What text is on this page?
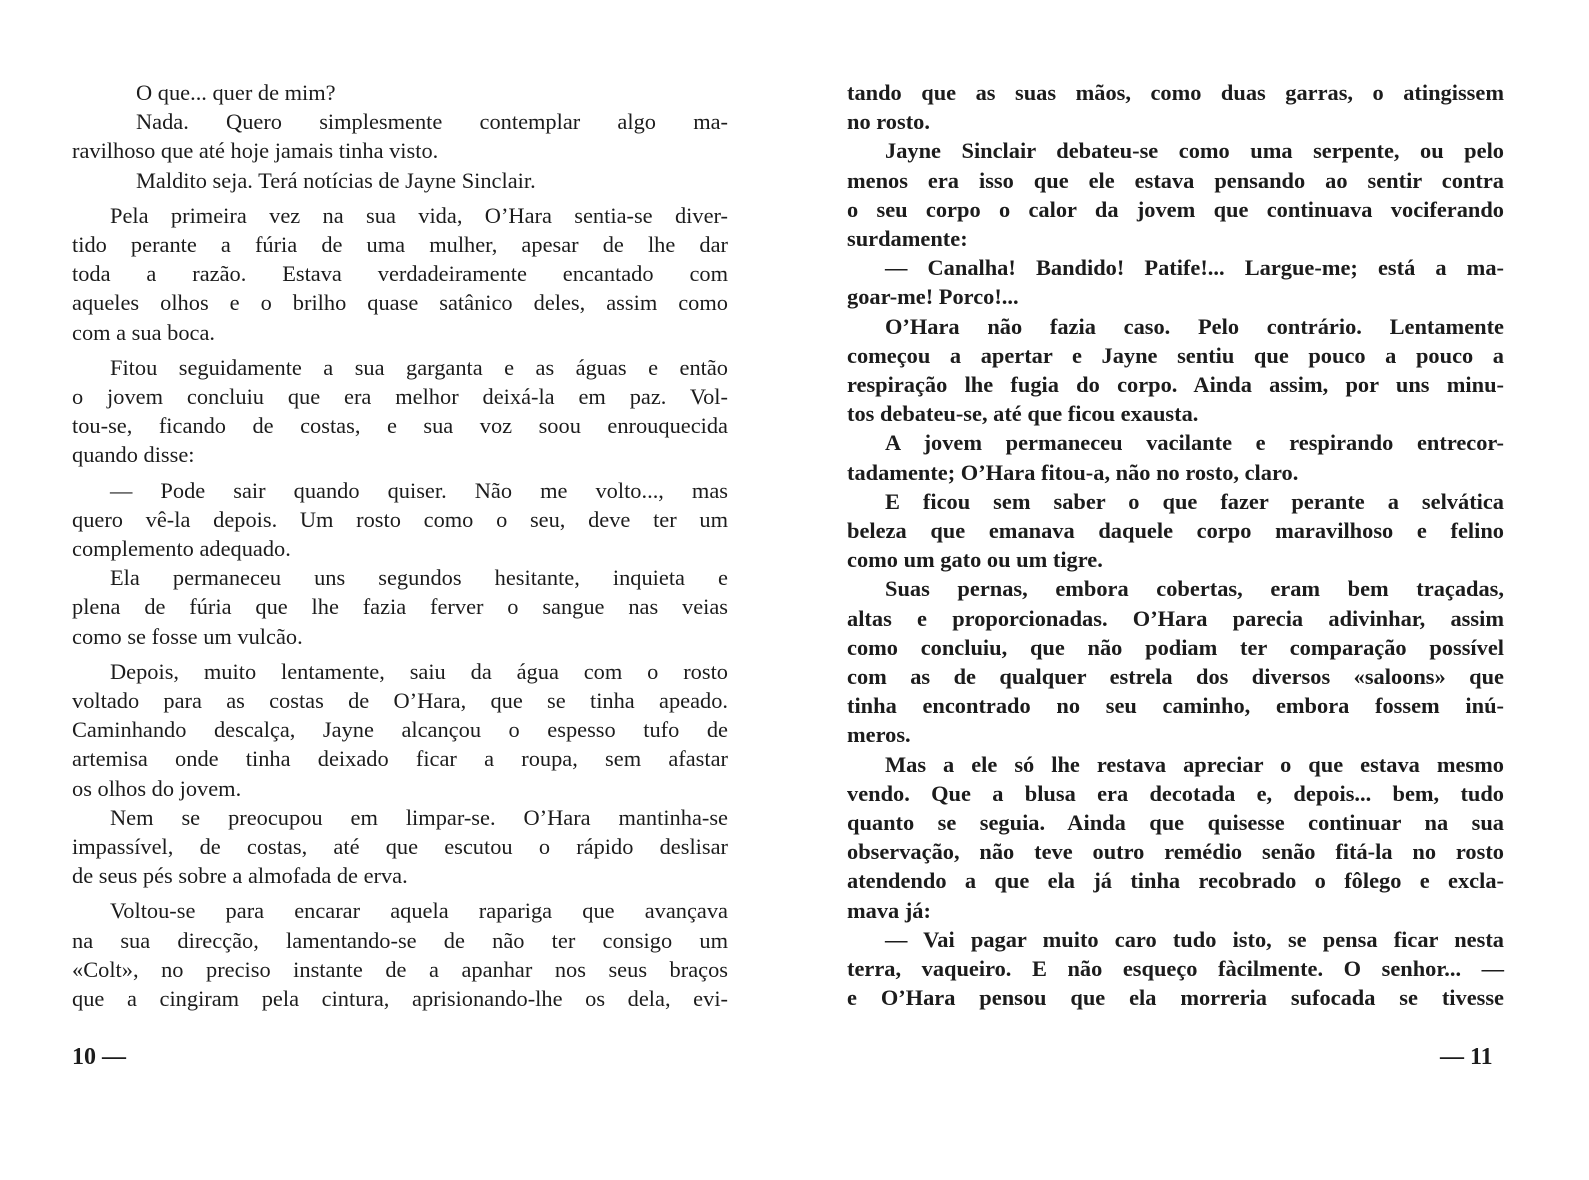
O que... quer de mim?
Nada. Quero simplesmente contemplar algo ma-
ravilhoso que até hoje jamais tinha visto.
Maldito seja. Terá notícias de Jayne Sinclair.
Pela primeira vez na sua vida, O’Hara sentia-se diver-
tido perante a fúria de uma mulher, apesar de lhe dar
toda a razão. Estava verdadeiramente encantado com
aqueles olhos e o brilho quase satânico deles, assim como
com a sua boca.
Fitou seguidamente a sua garganta e as águas e então
o jovem concluiu que era melhor deixá-la em paz. Vol-
tou-se, ficando de costas, e sua voz soou enrouquecida
quando disse:
— Pode sair quando quiser. Não me volto..., mas
quero vê-la depois. Um rosto como o seu, deve ter um
complemento adequado.
Ela permaneceu uns segundos hesitante, inquieta e
plena de fúria que lhe fazia ferver o sangue nas veias
como se fosse um vulcão.
Depois, muito lentamente, saiu da água com o rosto
voltado para as costas de O’Hara, que se tinha apeado.
Caminhando descalça, Jayne alcançou o espesso tufo de
artemisa onde tinha deixado ficar a roupa, sem afastar
os olhos do jovem.
Nem se preocupou em limpar-se. O’Hara mantinha-se
impassível, de costas, até que escutou o rápido deslisar
de seus pés sobre a almofada de erva.
Voltou-se para encarar aquela rapariga que avançava
na sua direcção, lamentando-se de não ter consigo um
«Colt», no preciso instante de a apanhar nos seus braços
que a cingiram pela cintura, aprisionando-lhe os dela, evi-
tando que as suas mãos, como duas garras, o atingissem
no rosto.
Jayne Sinclair debateu-se como uma serpente, ou pelo
menos era isso que ele estava pensando ao sentir contra
o seu corpo o calor da jovem que continuava vociferando
surdamente:
— Canalha! Bandido! Patife!... Largue-me; está a ma-
goar-me! Porco!...
O’Hara não fazia caso. Pelo contrário. Lentamente
começou a apertar e Jayne sentiu que pouco a pouco a
respiração lhe fugia do corpo. Ainda assim, por uns minu-
tos debateu-se, até que ficou exausta.
A jovem permaneceu vacilante e respirando entrecor-
tadamente; O’Hara fitou-a, não no rosto, claro.
E ficou sem saber o que fazer perante a selvática
beleza que emanava daquele corpo maravilhoso e felino
como um gato ou um tigre.
Suas pernas, embora cobertas, eram bem traçadas,
altas e proporcionadas. O’Hara parecia adivinhar, assim
como concluiu, que não podiam ter comparação possível
com as de qualquer estrela dos diversos «saloons» que
tinha encontrado no seu caminho, embora fossem inú-
meros.
Mas a ele só lhe restava apreciar o que estava mesmo
vendo. Que a blusa era decotada e, depois... bem, tudo
quanto se seguia. Ainda que quisesse continuar na sua
observação, não teve outro remédio senão fitá-la no rosto
atendendo a que ela já tinha recobrado o fôlego e excla-
mava já:
— Vai pagar muito caro tudo isto, se pensa ficar nesta
terra, vaqueiro. E não esqueço fàcilmente. O senhor... —
e O’Hara pensou que ela morreria sufocada se tivesse
10 —	— 11
